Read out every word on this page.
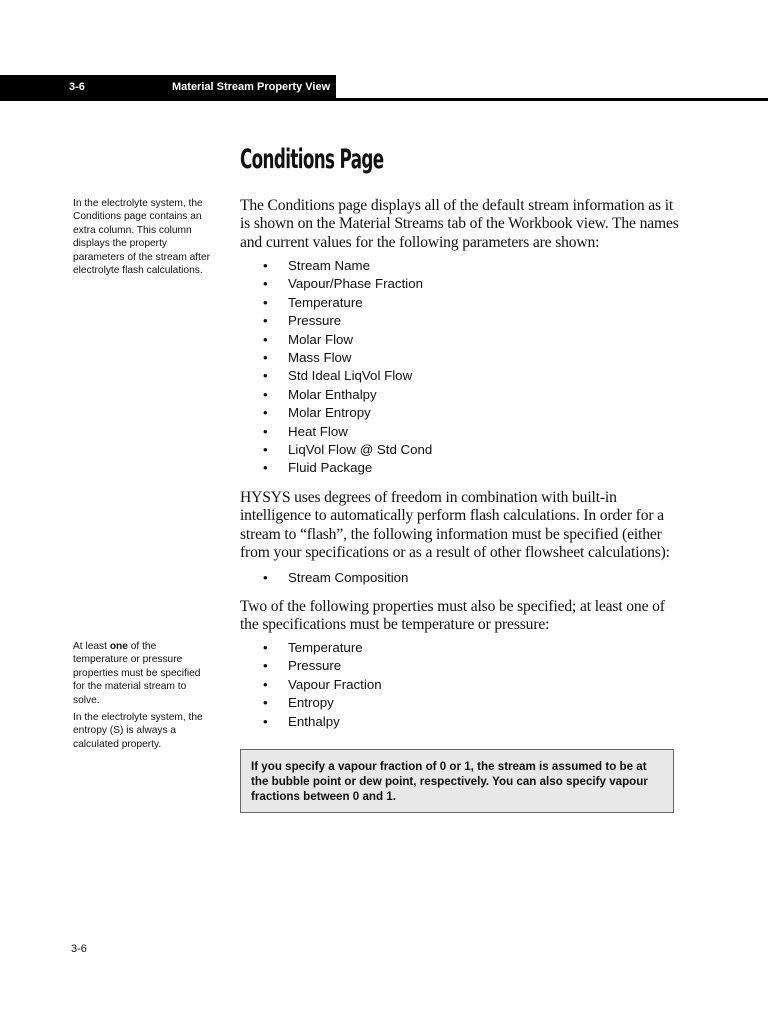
3-6	Material Stream Property View
Conditions Page

In the electrolyte system, the Conditions page contains an extra column. This column displays the property parameters of the stream after electrolyte flash calculations.

At least one of the temperature or pressure properties must be specified for the material stream to solve.

In the electrolyte system, the entropy (S) is always a calculated property.

The Conditions page displays all of the default stream information as it is shown on the Material Streams tab of the Workbook view. The names and current values for the following parameters are shown:

• Stream Name
• Vapour/Phase Fraction
• Temperature
• Pressure
• Molar Flow
• Mass Flow
• Std Ideal LiqVol Flow
• Molar Enthalpy
• Molar Entropy
• Heat Flow
• LiqVol Flow @ Std Cond
• Fluid Package

HYSYS uses degrees of freedom in combination with built-in intelligence to automatically perform flash calculations. In order for a stream to “flash”, the following information must be specified (either from your specifications or as a result of other flowsheet calculations):

• Stream Composition

Two of the following properties must also be specified; at least one of the specifications must be temperature or pressure:

• Temperature
• Pressure
• Vapour Fraction
• Entropy
• Enthalpy
If you specify a vapour fraction of 0 or 1, the stream is assumed to be at the bubble point or dew point, respectively. You can also specify vapour fractions between 0 and 1.
3-6
